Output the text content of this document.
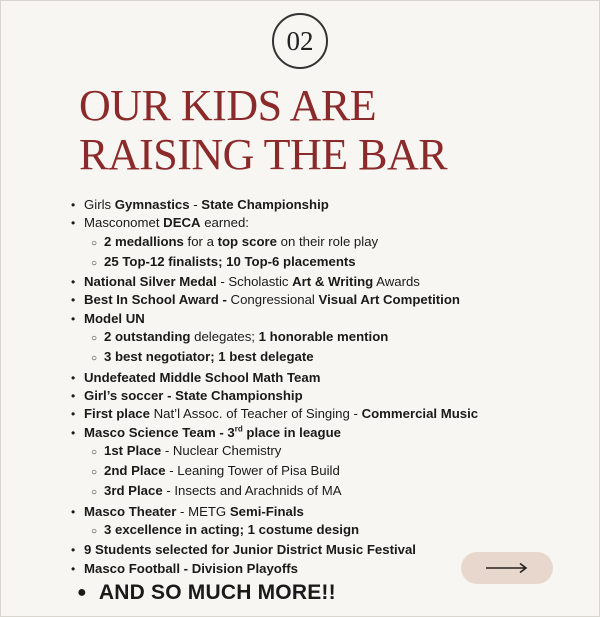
02
OUR KIDS ARE
RAISING THE BAR
• Girls Gymnastics - State Championship
• Masconomet DECA earned:
○ 2 medallions for a top score on their role play
○ 25 Top-12 finalists; 10 Top-6 placements
• National Silver Medal - Scholastic Art & Writing Awards
• Best In School Award - Congressional Visual Art Competition
• Model UN
○ 2 outstanding delegates; 1 honorable mention
○ 3 best negotiator; 1 best delegate
• Undefeated Middle School Math Team
• Girl’s soccer - State Championship
• First place Nat’l Assoc. of Teacher of Singing - Commercial Music
• Masco Science Team - 3rd place in league
○ 1st Place - Nuclear Chemistry
○ 2nd Place - Leaning Tower of Pisa Build
○ 3rd Place - Insects and Arachnids of MA
• Masco Theater - METG Semi-Finals
○ 3 excellence in acting; 1 costume design
• 9 Students selected for Junior District Music Festival
• Masco Football - Division Playoffs
● AND SO MUCH MORE!!
